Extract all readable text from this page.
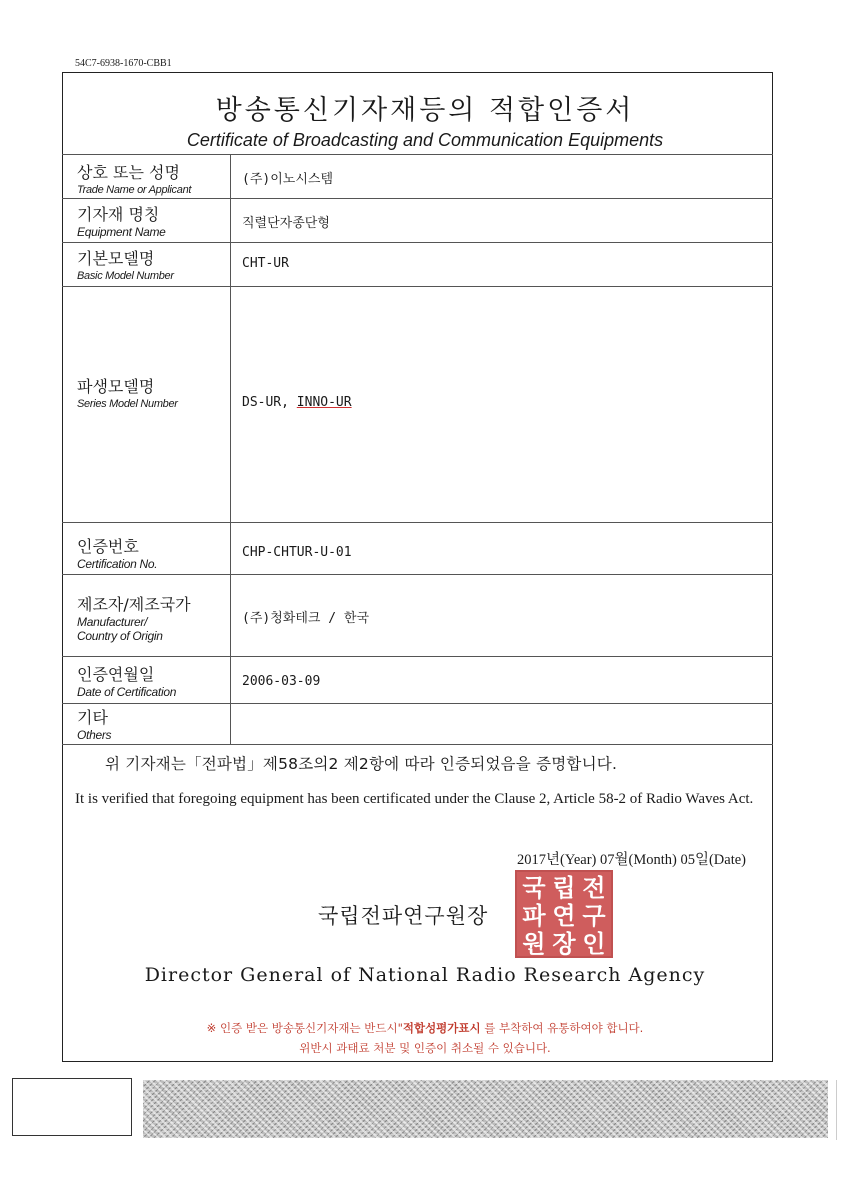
54C7-6938-1670-CBB1
방송통신기자재등의 적합인증서
Certificate of Broadcasting and Communication Equipments
상호 또는 성명
Trade Name or Applicant
(주)이노시스템
기자재 명칭
Equipment Name
직렬단자종단형
기본모델명
Basic Model Number
CHT-UR
파생모델명
Series Model Number	DS-UR, INNO-UR
인증번호
Certification No.
CHP-CHTUR-U-01
제조자/제조국가
Manufacturer/
Country of Origin
(주)청화테크 / 한국
인증연월일
Date of Certification
2006-03-09
기타
Others
위 기자재는「전파법」제58조의2 제2항에 따라 인증되었음을 증명합니다.
It is verified that foregoing equipment has been certificated under the Clause 2, Article 58-2 of Radio Waves Act.
2017년(Year) 07월(Month) 05일(Date)
국립전파연구원장
국 립 전
파 연 구
원 장 인
Director General of National Radio Research Agency
※ 인증 받은 방송통신기자재는 반드시"적합성평가표시 를 부착하여 유통하여야 합니다.
위반시 과태료 처분 및 인증이 취소될 수 있습니다.
